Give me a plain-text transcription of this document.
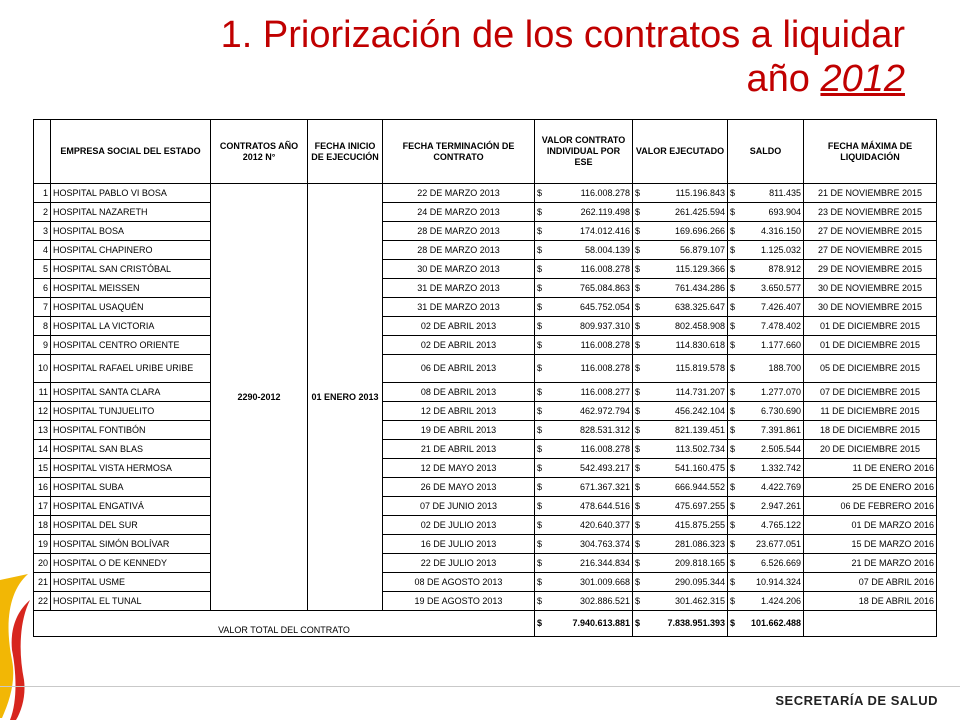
1. Priorización de los contratos a liquidar
año 2012
	EMPRESA SOCIAL DEL ESTADO	CONTRATOS AÑO 2012 N°	FECHA INICIO DE EJECUCIÓN	FECHA TERMINACIÓN DE CONTRATO	VALOR CONTRATO INDIVIDUAL POR ESE	VALOR EJECUTADO	SALDO	FECHA MÁXIMA DE LIQUIDACIÓN
1	HOSPITAL PABLO VI BOSA	2290-2012	01 ENERO 2013	22 DE MARZO 2013	$ 116.008.278	$ 115.196.843	$ 811.435	21 DE NOVIEMBRE 2015
2	HOSPITAL NAZARETH			24 DE MARZO 2013	$ 262.119.498	$ 261.425.594	$ 693.904	23 DE NOVIEMBRE 2015
3	HOSPITAL BOSA			28 DE MARZO 2013	$ 174.012.416	$ 169.696.266	$ 4.316.150	27 DE NOVIEMBRE 2015
4	HOSPITAL CHAPINERO			28 DE MARZO 2013	$ 58.004.139	$ 56.879.107	$ 1.125.032	27 DE NOVIEMBRE 2015
5	HOSPITAL SAN CRISTÓBAL			30 DE MARZO 2013	$ 116.008.278	$ 115.129.366	$ 878.912	29 DE NOVIEMBRE 2015
6	HOSPITAL MEISSEN			31 DE MARZO 2013	$ 765.084.863	$ 761.434.286	$ 3.650.577	30 DE NOVIEMBRE 2015
7	HOSPITAL USAQUÉN			31 DE MARZO 2013	$ 645.752.054	$ 638.325.647	$ 7.426.407	30 DE NOVIEMBRE 2015
8	HOSPITAL LA VICTORIA			02 DE ABRIL 2013	$ 809.937.310	$ 802.458.908	$ 7.478.402	01 DE DICIEMBRE 2015
9	HOSPITAL CENTRO ORIENTE			02 DE ABRIL 2013	$ 116.008.278	$ 114.830.618	$ 1.177.660	01 DE DICIEMBRE 2015
10	HOSPITAL RAFAEL URIBE URIBE			06 DE ABRIL 2013	$ 116.008.278	$ 115.819.578	$ 188.700	05 DE DICIEMBRE 2015
11	HOSPITAL SANTA CLARA			08 DE ABRIL 2013	$ 116.008.277	$ 114.731.207	$ 1.277.070	07 DE DICIEMBRE 2015
12	HOSPITAL TUNJUELITO			12 DE ABRIL 2013	$ 462.972.794	$ 456.242.104	$ 6.730.690	11 DE DICIEMBRE 2015
13	HOSPITAL FONTIBÓN			19 DE ABRIL 2013	$ 828.531.312	$ 821.139.451	$ 7.391.861	18 DE DICIEMBRE 2015
14	HOSPITAL SAN BLAS			21 DE ABRIL 2013	$ 116.008.278	$ 113.502.734	$ 2.505.544	20 DE DICIEMBRE 2015
15	HOSPITAL VISTA HERMOSA			12 DE MAYO 2013	$ 542.493.217	$ 541.160.475	$ 1.332.742	11 DE ENERO 2016
16	HOSPITAL SUBA			26 DE MAYO 2013	$ 671.367.321	$ 666.944.552	$ 4.422.769	25 DE ENERO 2016
17	HOSPITAL ENGATIVÁ			07 DE JUNIO 2013	$ 478.644.516	$ 475.697.255	$ 2.947.261	06 DE FEBRERO 2016
18	HOSPITAL DEL SUR			02 DE JULIO 2013	$ 420.640.377	$ 415.875.255	$ 4.765.122	01 DE MARZO 2016
19	HOSPITAL SIMÓN BOLÍVAR			16 DE JULIO 2013	$ 304.763.374	$ 281.086.323	$ 23.677.051	15 DE MARZO 2016
20	HOSPITAL O DE KENNEDY			22 DE JULIO 2013	$ 216.344.834	$ 209.818.165	$ 6.526.669	21 DE MARZO 2016
21	HOSPITAL USME			08 DE AGOSTO 2013	$ 301.009.668	$ 290.095.344	$ 10.914.324	07 DE ABRIL 2016
22	HOSPITAL EL TUNAL			19 DE AGOSTO 2013	$ 302.886.521	$ 301.462.315	$ 1.424.206	18 DE ABRIL 2016
VALOR TOTAL DEL CONTRATO					$ 7.940.613.881	$ 7.838.951.393	$ 101.662.488	

SECRETARÍA DE SALUD
